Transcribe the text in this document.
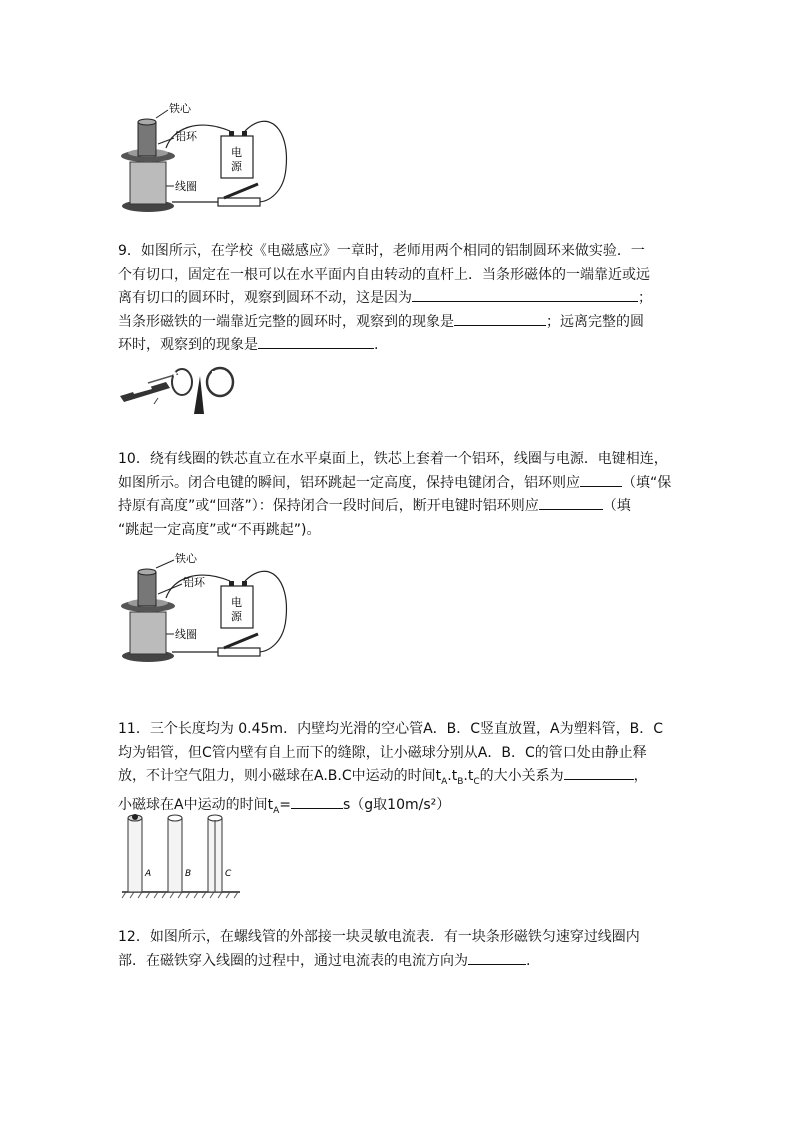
电
源
铁心
铝环
线圈

9．如图所示，在学校《电磁感应》一章时，老师用两个相同的铝制圆环来做实验．一

个有切口，固定在一根可以在水平面内自由转动的直杆上．当条形磁体的一端靠近或远

离有切口的圆环时，观察到圆环不动，这是因为	；

当条形磁铁的一端靠近完整的圆环时，观察到的现象是	；远离完整的圆

环时，观察到的现象是	.

10．绕有线圈的铁芯直立在水平桌面上，铁芯上套着一个铝环，线圈与电源．电键相连，

如图所示。闭合电键的瞬间，铝环跳起一定高度，保持电键闭合，铝环则应	（填“保

持原有高度”或“回落”）：保持闭合一段时间后，断开电键时铝环则应	（填

“跳起一定高度”或“不再跳起”)。

电
源
铁心
铝环
线圈

11．三个长度均为 0.45m．内壁均光滑的空心管A．B．C竖直放置，A为塑料管，B．C

均为铝管，但C管内壁有自上而下的缝隙，让小磁球分别从A．B．C的管口处由静止释

放，不计空气阻力，则小磁球在A.B.C中运动的时间$t_A.t_B.t_C$的大小关系为	，

小磁球在A中运动的时间$t_A=$	s（g取10m/s²）

A	B	C

12．如图所示，在螺线管的外部接一块灵敏电流表．有一块条形磁铁匀速穿过线圈内

部．在磁铁穿入线圈的过程中，通过电流表的电流方向为	.
